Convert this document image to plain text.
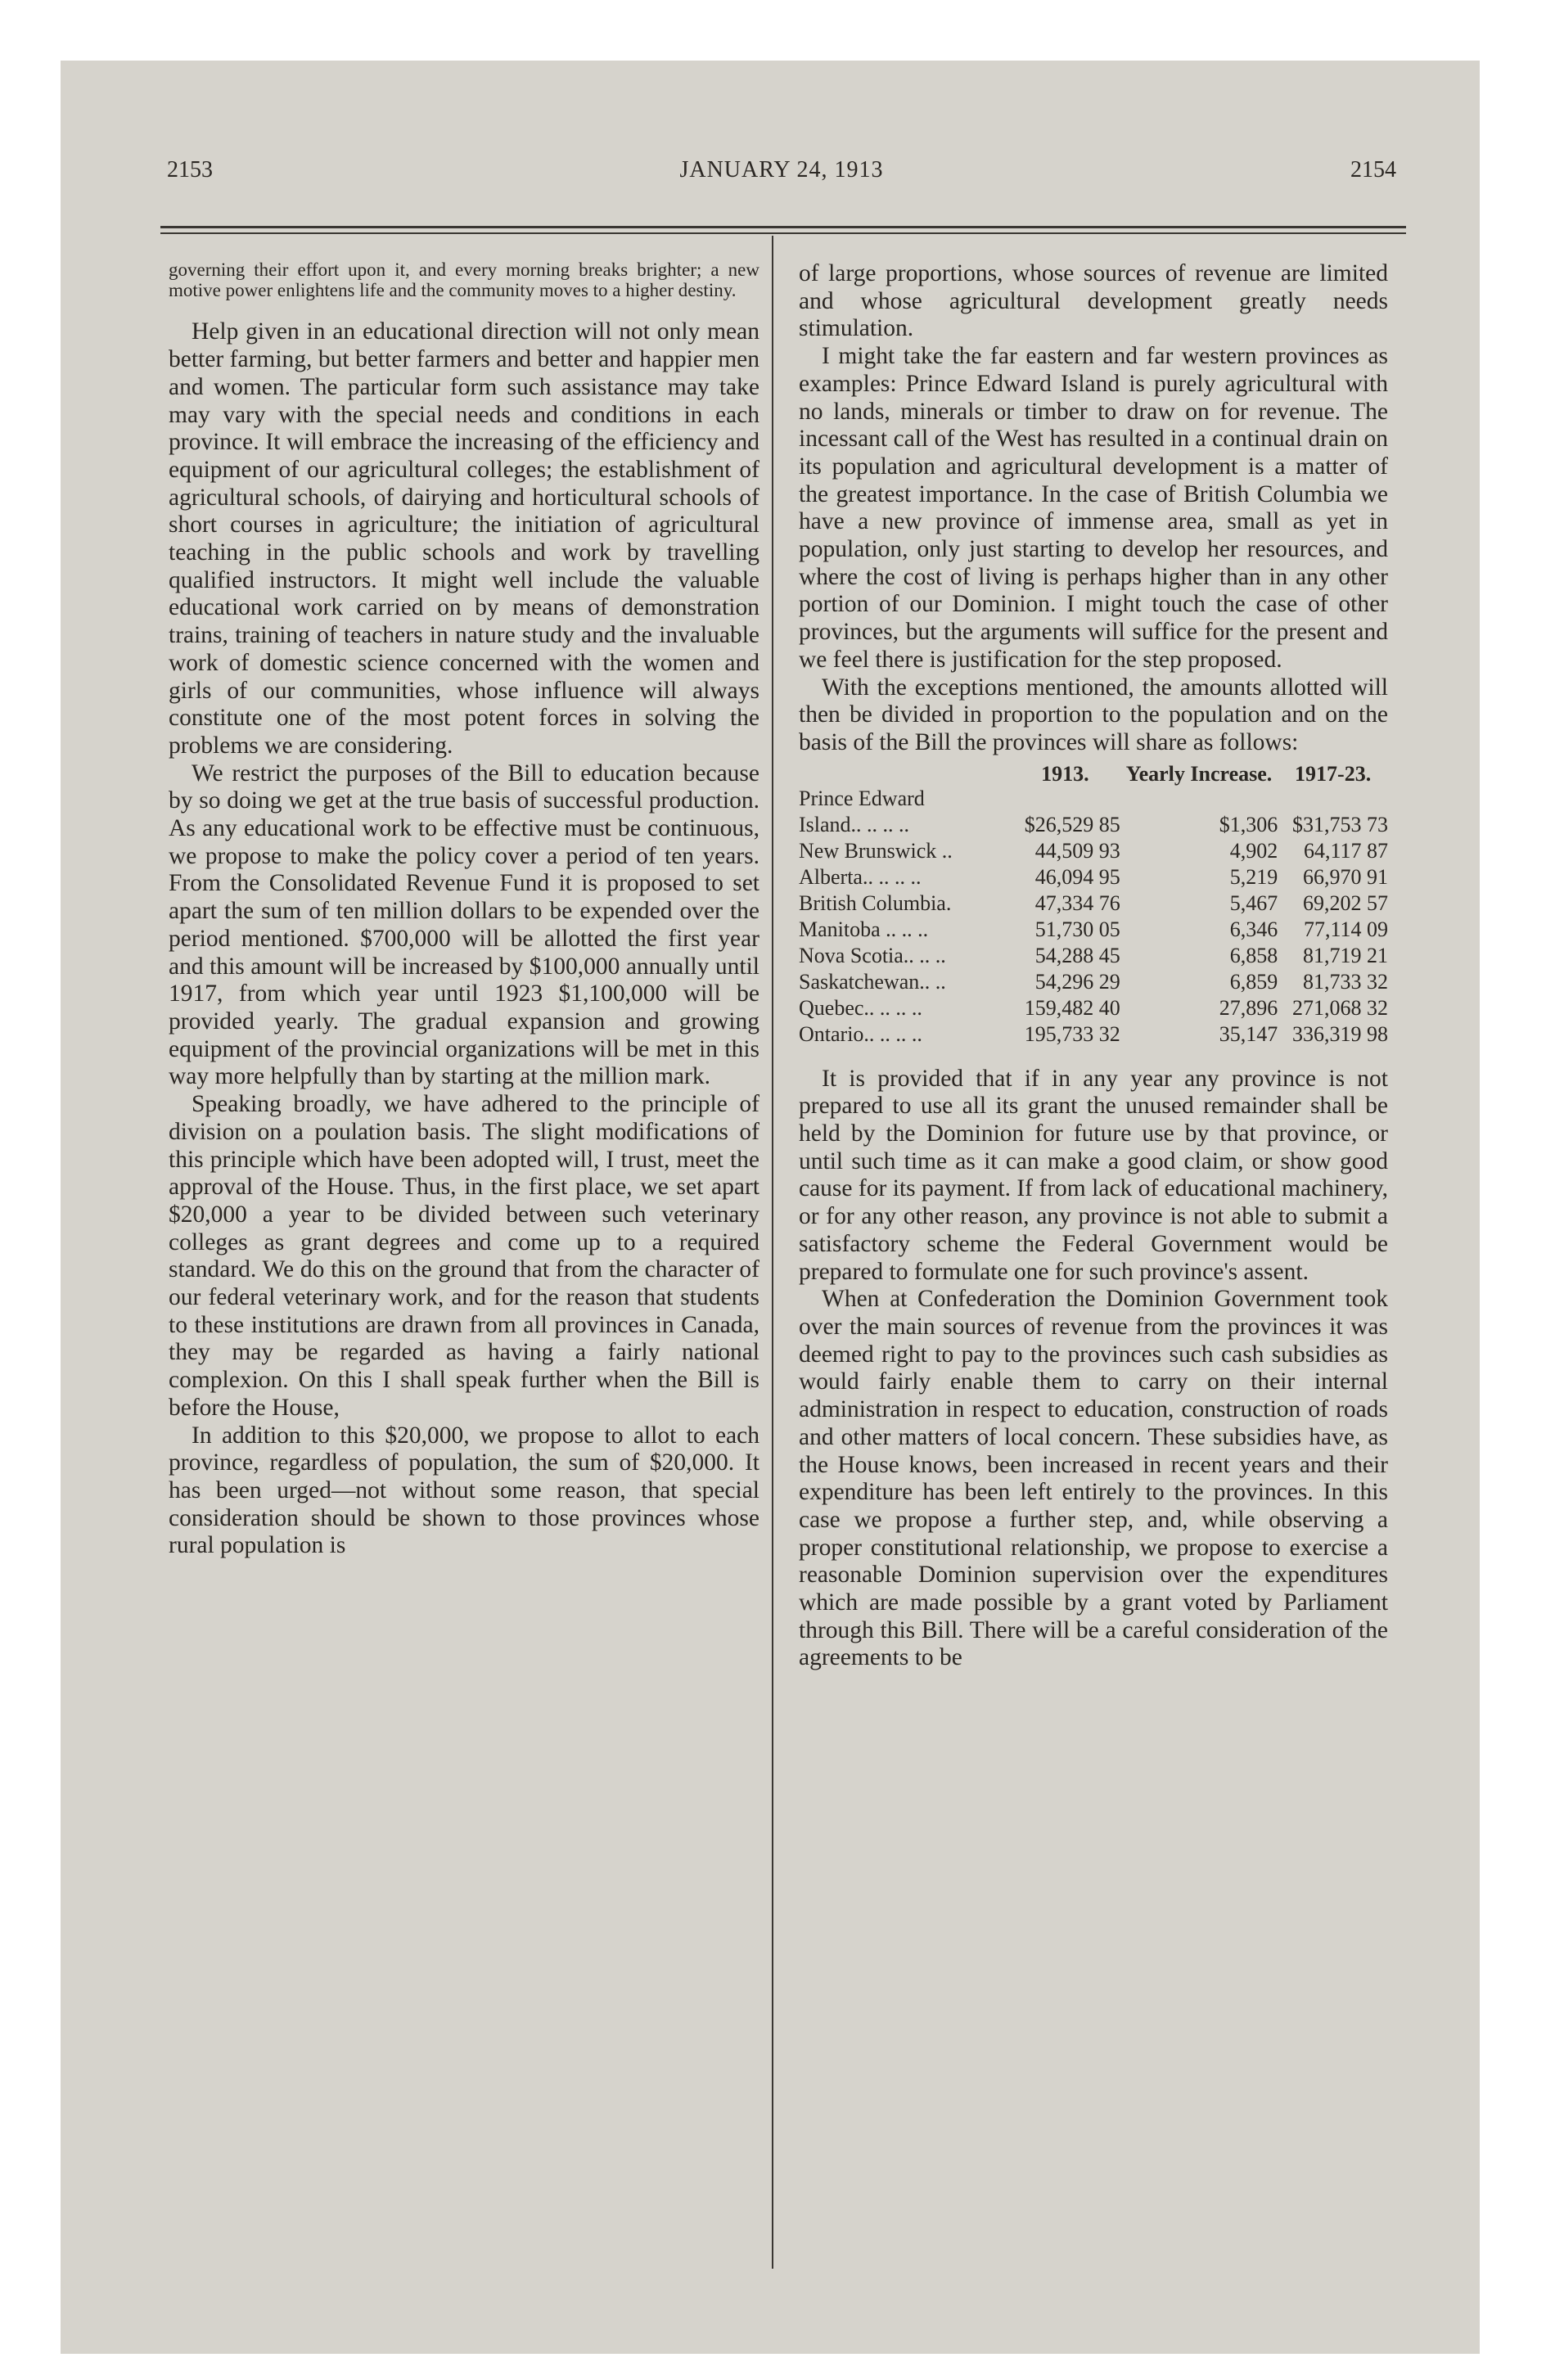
2153	JANUARY 24, 1913	2154

governing their effort upon it, and every morning breaks brighter; a new motive power enlightens life and the community moves to a higher destiny.

Help given in an educational direction will not only mean better farming, but better farmers and better and happier men and women. The particular form such assistance may take may vary with the special needs and conditions in each province. It will embrace the increasing of the efficiency and equipment of our agricultural colleges; the establishment of agricultural schools, of dairying and horticultural schools of short courses in agriculture; the initiation of agricultural teaching in the public schools and work by travelling qualified instructors. It might well include the valuable educational work carried on by means of demonstration trains, training of teachers in nature study and the invaluable work of domestic science concerned with the women and girls of our communities, whose influence will always constitute one of the most potent forces in solving the problems we are considering.

We restrict the purposes of the Bill to education because by so doing we get at the true basis of successful production. As any educational work to be effective must be continuous, we propose to make the policy cover a period of ten years. From the Consolidated Revenue Fund it is proposed to set apart the sum of ten million dollars to be expended over the period mentioned. $700,000 will be allotted the first year and this amount will be increased by $100,000 annually until 1917, from which year until 1923 $1,100,000 will be provided yearly. The gradual expansion and growing equipment of the provincial organizations will be met in this way more helpfully than by starting at the million mark.

Speaking broadly, we have adhered to the principle of division on a poulation basis. The slight modifications of this principle which have been adopted will, I trust, meet the approval of the House. Thus, in the first place, we set apart $20,000 a year to be divided between such veterinary colleges as grant degrees and come up to a required standard. We do this on the ground that from the character of our federal veterinary work, and for the reason that students to these institutions are drawn from all provinces in Canada, they may be regarded as having a fairly national complexion. On this I shall speak further when the Bill is before the House,

In addition to this $20,000, we propose to allot to each province, regardless of population, the sum of $20,000. It has been urged—not without some reason, that special consideration should be shown to those provinces whose rural population is

of large proportions, whose sources of revenue are limited and whose agricultural development greatly needs stimulation.

I might take the far eastern and far western provinces as examples: Prince Edward Island is purely agricultural with no lands, minerals or timber to draw on for revenue. The incessant call of the West has resulted in a continual drain on its population and agricultural development is a matter of the greatest importance. In the case of British Columbia we have a new province of immense area, small as yet in population, only just starting to develop her resources, and where the cost of living is perhaps higher than in any other portion of our Dominion. I might touch the case of other provinces, but the arguments will suffice for the present and we feel there is justification for the step proposed.

With the exceptions mentioned, the amounts allotted will then be divided in proportion to the population and on the basis of the Bill the provinces will share as follows:

	1913.	Yearly Increase.	1917-23.
Prince Edward			
Island.. .. .. ..	$26,529 85	$1,306	$31,753 73
New Brunswick ..	44,509 93	4,902	64,117 87
Alberta.. .. .. ..	46,094 95	5,219	66,970 91
British Columbia.	47,334 76	5,467	69,202 57
Manitoba .. .. ..	51,730 05	6,346	77,114 09
Nova Scotia.. .. ..	54,288 45	6,858	81,719 21
Saskatchewan.. ..	54,296 29	6,859	81,733 32
Quebec.. .. .. ..	159,482 40	27,896	271,068 32
Ontario.. .. .. ..	195,733 32	35,147	336,319 98

It is provided that if in any year any province is not prepared to use all its grant the unused remainder shall be held by the Dominion for future use by that province, or until such time as it can make a good claim, or show good cause for its payment. If from lack of educational machinery, or for any other reason, any province is not able to submit a satisfactory scheme the Federal Government would be prepared to formulate one for such province's assent.

When at Confederation the Dominion Government took over the main sources of revenue from the provinces it was deemed right to pay to the provinces such cash subsidies as would fairly enable them to carry on their internal administration in respect to education, construction of roads and other matters of local concern. These subsidies have, as the House knows, been increased in recent years and their expenditure has been left entirely to the provinces. In this case we propose a further step, and, while observing a proper constitutional relationship, we propose to exercise a reasonable Dominion supervision over the expenditures which are made possible by a grant voted by Parliament through this Bill. There will be a careful consideration of the agreements to be
